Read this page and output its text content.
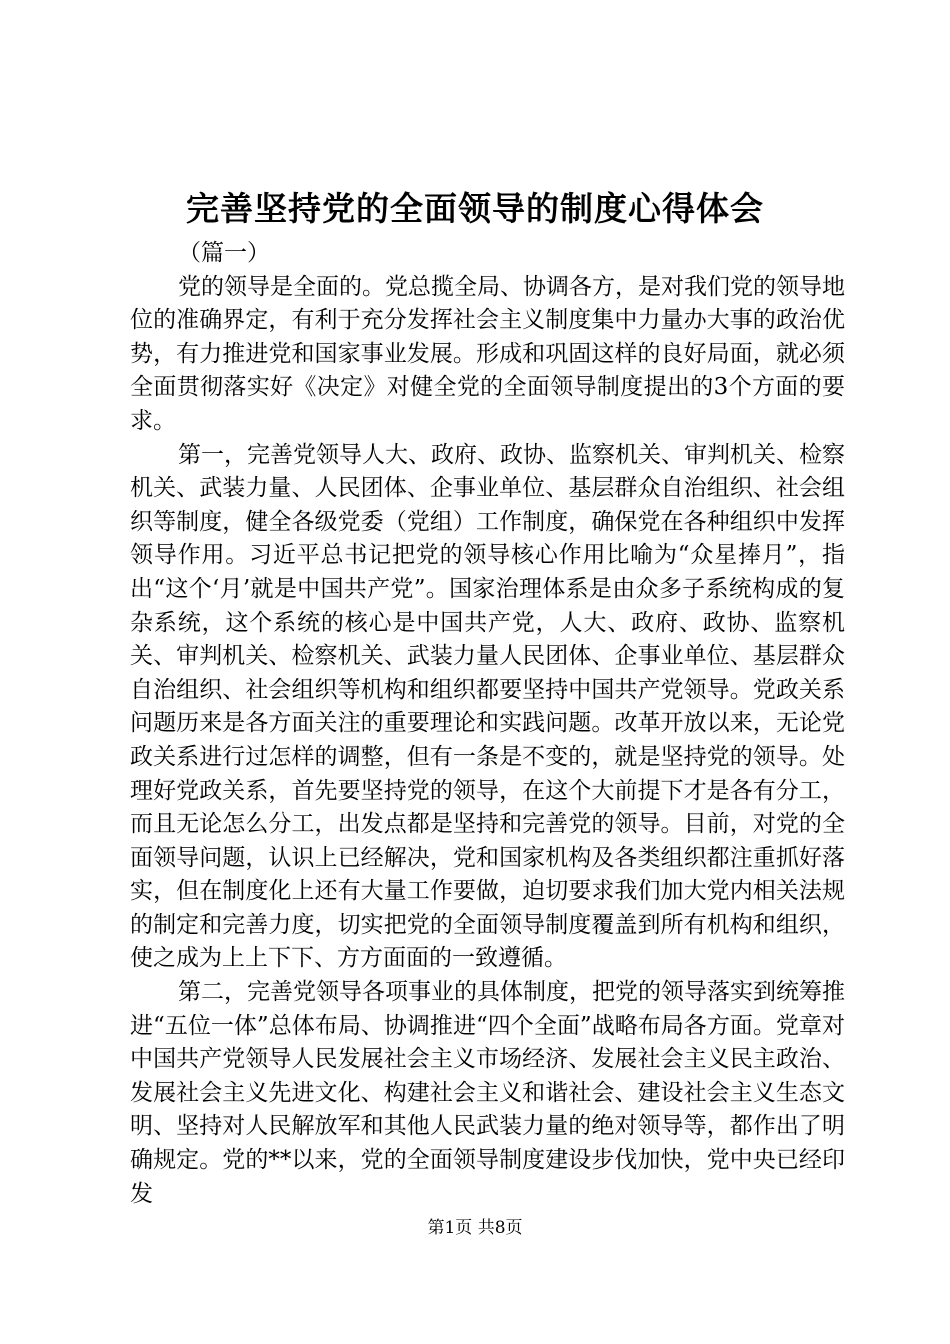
完善坚持党的全面领导的制度心得体会

（篇一）

党的领导是全面的。党总揽全局、协调各方，是对我们党的领导地位的准确界定，有利于充分发挥社会主义制度集中力量办大事的政治优势，有力推进党和国家事业发展。形成和巩固这样的良好局面，就必须全面贯彻落实好《决定》对健全党的全面领导制度提出的3个方面的要求。

第一，完善党领导人大、政府、政协、监察机关、审判机关、检察机关、武装力量、人民团体、企事业单位、基层群众自治组织、社会组织等制度，健全各级党委（党组）工作制度，确保党在各种组织中发挥领导作用。习近平总书记把党的领导核心作用比喻为“众星捧月”，指出“这个‘月’就是中国共产党”。国家治理体系是由众多子系统构成的复杂系统，这个系统的核心是中国共产党，人大、政府、政协、监察机关、审判机关、检察机关、武装力量人民团体、企事业单位、基层群众自治组织、社会组织等机构和组织都要坚持中国共产党领导。党政关系问题历来是各方面关注的重要理论和实践问题。改革开放以来，无论党政关系进行过怎样的调整，但有一条是不变的，就是坚持党的领导。处理好党政关系，首先要坚持党的领导，在这个大前提下才是各有分工，而且无论怎么分工，出发点都是坚持和完善党的领导。目前，对党的全面领导问题，认识上已经解决，党和国家机构及各类组织都注重抓好落实，但在制度化上还有大量工作要做，迫切要求我们加大党内相关法规的制定和完善力度，切实把党的全面领导制度覆盖到所有机构和组织，使之成为上上下下、方方面面的一致遵循。

第二，完善党领导各项事业的具体制度，把党的领导落实到统筹推进“五位一体”总体布局、协调推进“四个全面”战略布局各方面。党章对中国共产党领导人民发展社会主义市场经济、发展社会主义民主政治、发展社会主义先进文化、构建社会主义和谐社会、建设社会主义生态文明、坚持对人民解放军和其他人民武装力量的绝对领导等，都作出了明确规定。党的**以来，党的全面领导制度建设步伐加快，党中央已经印发

第1页 共8页
